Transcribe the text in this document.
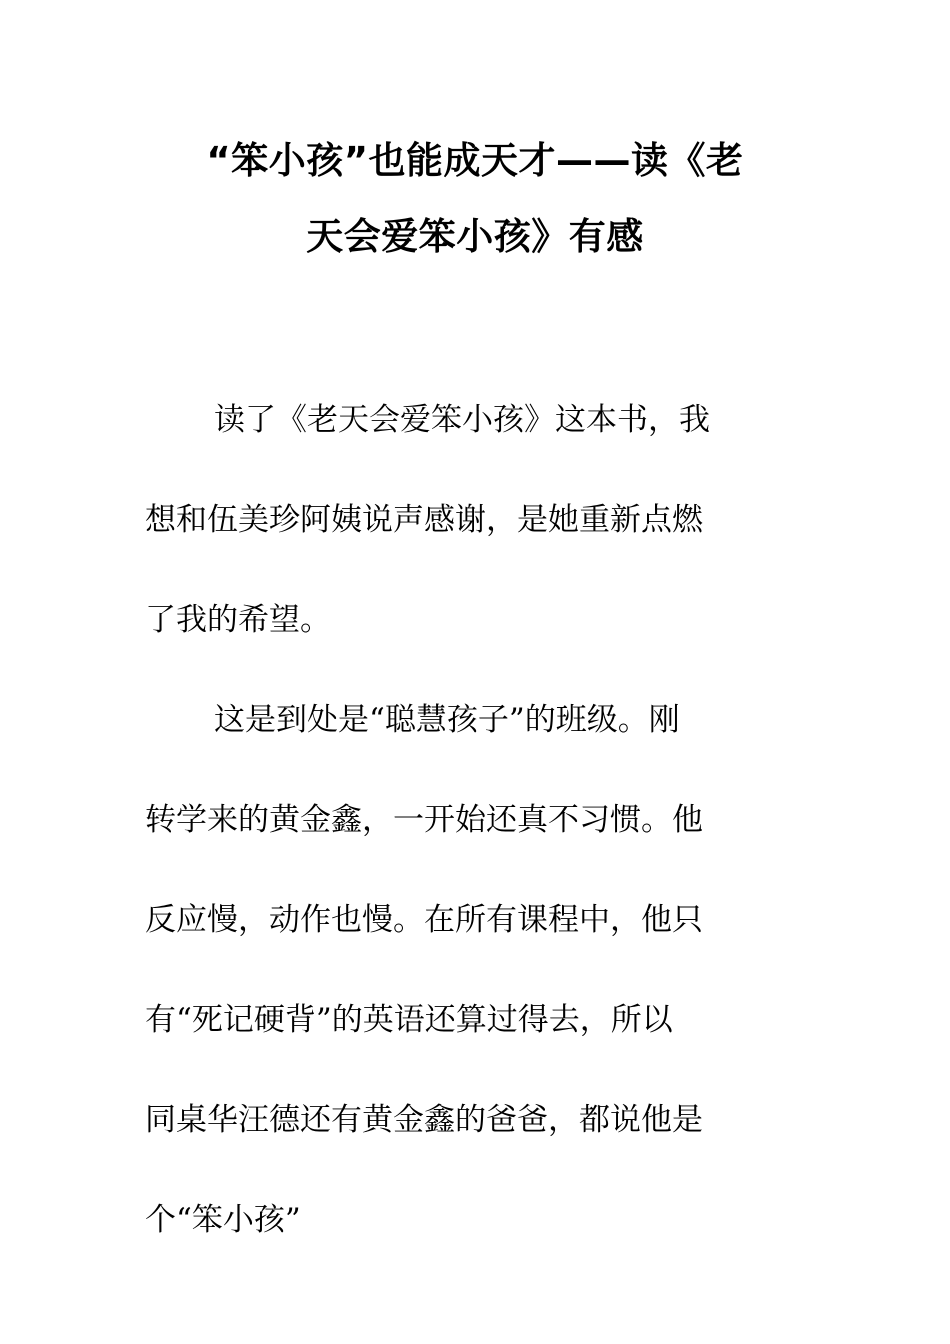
“笨小孩”也能成天才——读《老
天会爱笨小孩》有感
读了《老天会爱笨小孩》这本书，我
想和伍美珍阿姨说声感谢，是她重新点燃
了我的希望。
这是到处是“聪慧孩子”的班级。刚
转学来的黄金鑫，一开始还真不习惯。他
反应慢，动作也慢。在所有课程中，他只
有“死记硬背”的英语还算过得去，所以
同桌华汪德还有黄金鑫的爸爸，都说他是
个“笨小孩”
